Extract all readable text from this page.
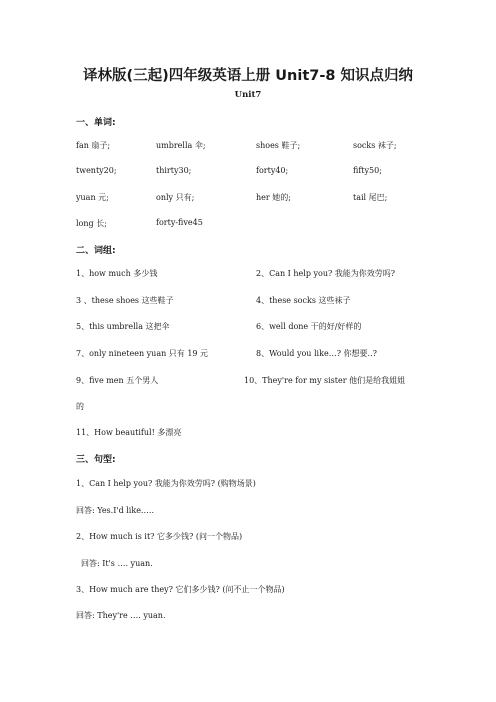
译林版(三起)四年级英语上册 Unit7-8 知识点归纳
Unit7
一、单词:
fan 扇子;	umbrella 伞;	shoes 鞋子;	socks 袜子;
twenty20;	thirty30;	forty40;	fifty50;
yuan 元;	only 只有;	her 她的;	tail 尾巴;
long 长;	forty-five45
二、词组:
1、how much 多少钱	2、Can I help you? 我能为你效劳吗?
3 、these shoes 这些鞋子	4、these socks 这些袜子
5、this umbrella 这把伞	6、well done 干的好/好样的
7、only nineteen yuan 只有 19 元	8、Would you like…? 你想要..?
9、five men 五个男人	10、They're for my sister 他们是给我姐姐
的
11、How beautiful! 多漂亮
三、句型:
1、Can I help you? 我能为你效劳吗? (购物场景)
回答: Yes.I'd like.….
2、How much is it? 它多少钱? (问一个物品)
回答: It's …. yuan.
3、How much are they? 它们多少钱? (问不止一个物品)
回答: They're …. yuan.
